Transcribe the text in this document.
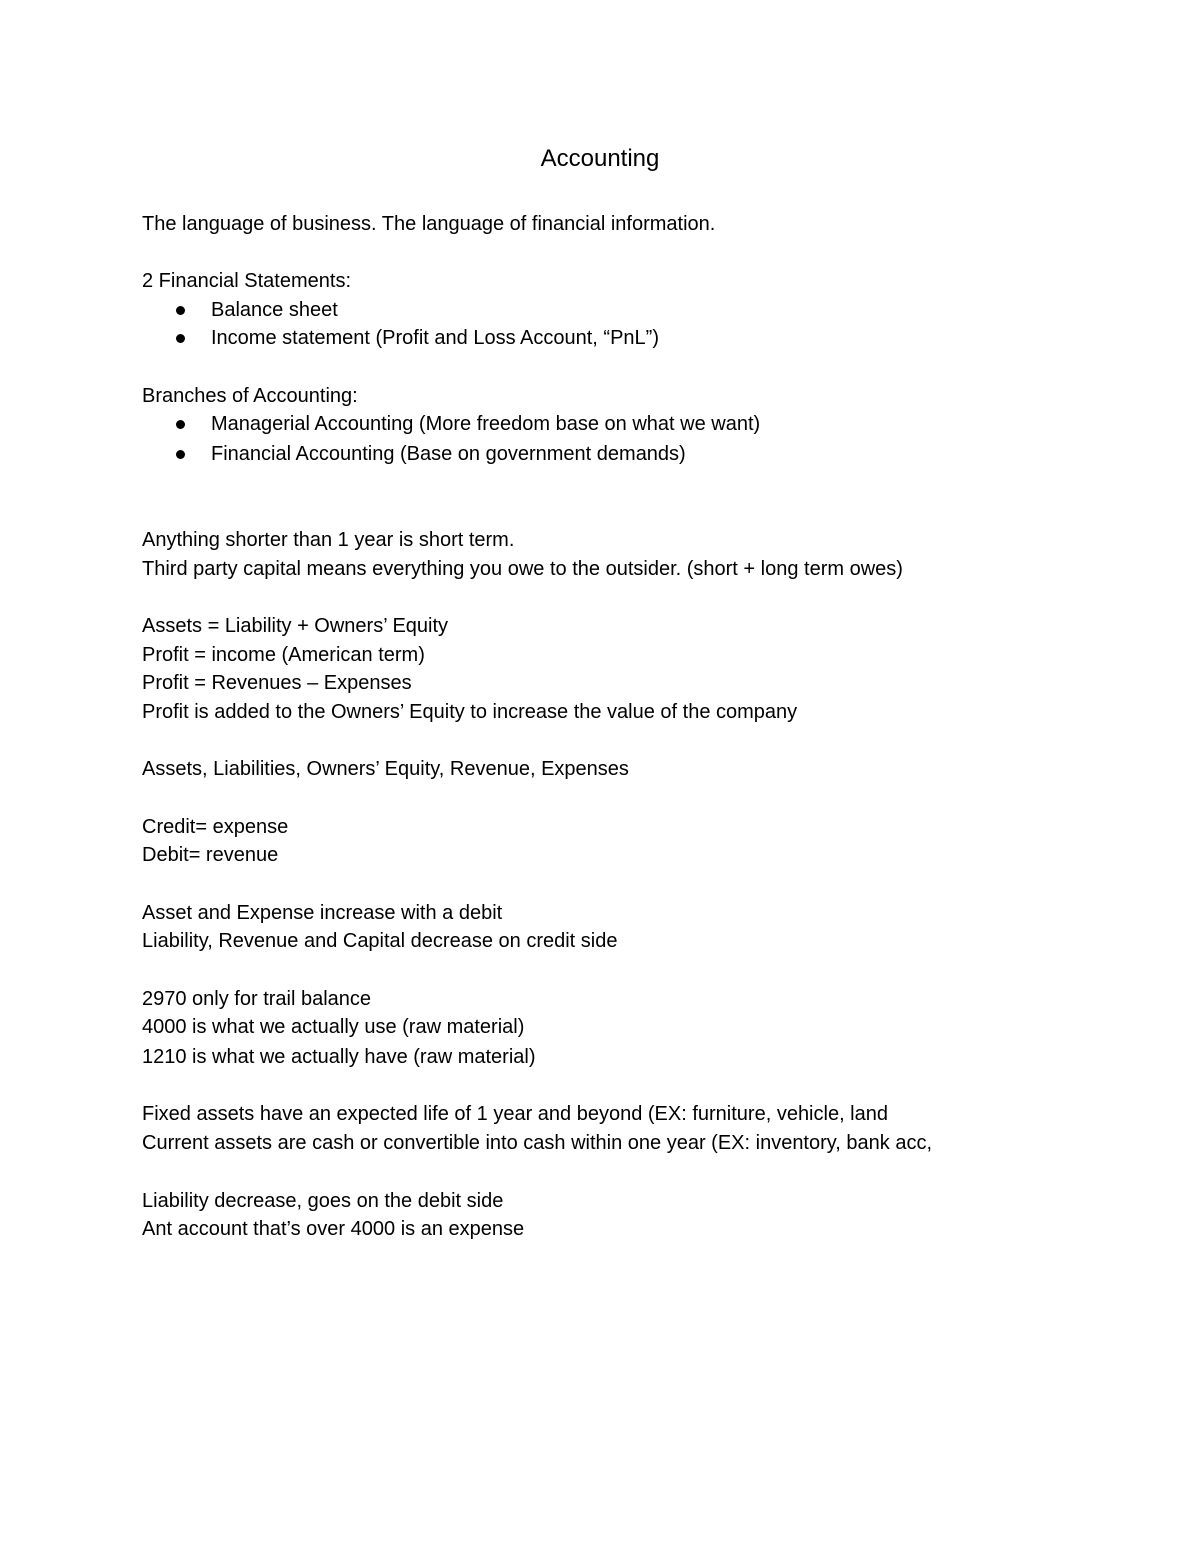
Accounting
The language of business. The language of financial information.
2 Financial Statements:
Balance sheet
Income statement (Profit and Loss Account, “PnL”)
Branches of Accounting:
Managerial Accounting (More freedom base on what we want)
Financial Accounting (Base on government demands)
Anything shorter than 1 year is short term.
Third party capital means everything you owe to the outsider. (short + long term owes)
Assets = Liability + Owners’ Equity
Profit = income (American term)
Profit = Revenues – Expenses
Profit is added to the Owners’ Equity to increase the value of the company
Assets, Liabilities, Owners’ Equity, Revenue, Expenses
Credit= expense
Debit= revenue
Asset and Expense increase with a debit
Liability, Revenue and Capital decrease on credit side
2970 only for trail balance
4000 is what we actually use (raw material)
1210 is what we actually have (raw material)
Fixed assets have an expected life of 1 year and beyond (EX: furniture, vehicle, land
Current assets are cash or convertible into cash within one year (EX: inventory, bank acc,
Liability decrease, goes on the debit side
Ant account that’s over 4000 is an expense
